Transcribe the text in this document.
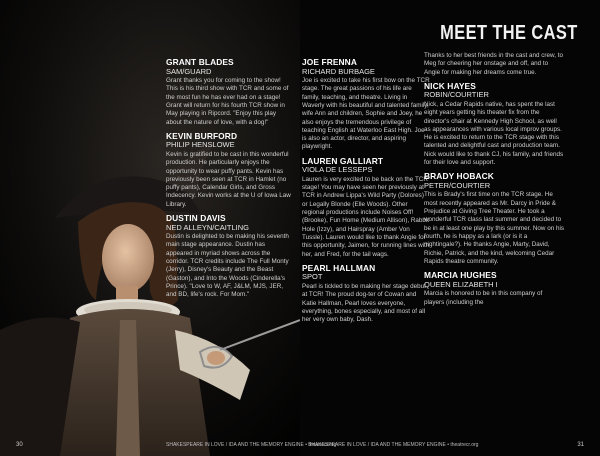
MEET THE CAST

GRANT BLADES

SAM/GUARD

Grant thanks you for coming to the show! This is his third show with TCR and some of the most fun he has ever had on a stage! Grant will return for his fourth TCR show in May playing in Ripcord. "Enjoy this play about the nature of love, with a dog!"

KEVIN BURFORD

PHILIP HENSLOWE

Kevin is gratified to be cast in this wonderful production. He particularly enjoys the opportunity to wear puffy pants. Kevin has previously been seen at TCR in Hamlet (no puffy pants), Calendar Girls, and Gross Indecency. Kevin works at the U of Iowa Law Library.

DUSTIN DAVIS

NED ALLEYN/CAITLING

Dustin is delighted to be making his seventh main stage appearance. Dustin has appeared in myriad shows across the corridor. TCR credits include The Full Monty (Jerry), Disney's Beauty and the Beast (Gaston), and Into the Woods (Cinderella's Prince). "Love to W, AF, J&LM, MJS, JER, and BD, life's rock. For Mom."

JOE FRENNA

RICHARD BURBAGE

Joe is excited to take his first bow on the TCR stage. The great passions of his life are family, teaching, and theatre. Living in Waverly with his beautiful and talented family, wife Ann and children, Sophie and Joey, he also enjoys the tremendous privilege of teaching English at Waterloo East High. Joe is also an actor, director, and aspiring playwright.

LAUREN GALLIART

VIOLA DE LESSEPS

Lauren is very excited to be back on the TCR stage! You may have seen her previously at TCR in Andrew Lippa's Wild Party (Dolores) or Legally Blonde (Elle Woods). Other regional productions include Noises Off! (Brooke), Fun Home (Medium Allison), Rabbit Hole (Izzy), and Hairspray (Amber Von Tussle). Lauren would like to thank Angie for this opportunity, Jaimen, for running lines with her, and Fred, for the tail wags.

PEARL HALLMAN

SPOT

Pearl is tickled to be making her stage debut at TCR! The proud dog-ter of Cowan and Katie Hallman, Pearl loves everyone, everything, bones especially, and most of all her very own baby, Dash.

Thanks to her best friends in the cast and crew, to Meg for cheering her onstage and off, and to Angie for making her dreams come true.

NICK HAYES

ROBIN/COURTIER

Nick, a Cedar Rapids native, has spent the last eight years getting his theater fix from the director's chair at Kennedy High School, as well as appearances with various local improv groups. He is excited to return to the TCR stage with this talented and delightful cast and production team. Nick would like to thank CJ, his family, and friends for their love and support.

BRADY HOBACK

PETER/COURTIER

This is Brady's first time on the TCR stage. He most recently appeared as Mr. Darcy in Pride & Prejudice at Giving Tree Theater. He took a wonderful TCR class last summer and decided to be in at least one play by this summer. Now on his fourth, he is happy as a lark (or is it a nightingale?). He thanks Angie, Marty, David, Richie, Patrick, and the kind, welcoming Cedar Rapids theatre community.

MARCIA HUGHES

QUEEN ELIZABETH I

Marcia is honored to be in this company of players (including the

30	SHAKESPEARE IN LOVE / IDA AND THE MEMORY ENGINE • theatrecr.org
SHAKESPEARE IN LOVE / IDA AND THE MEMORY ENGINE • theatrecr.org	31
